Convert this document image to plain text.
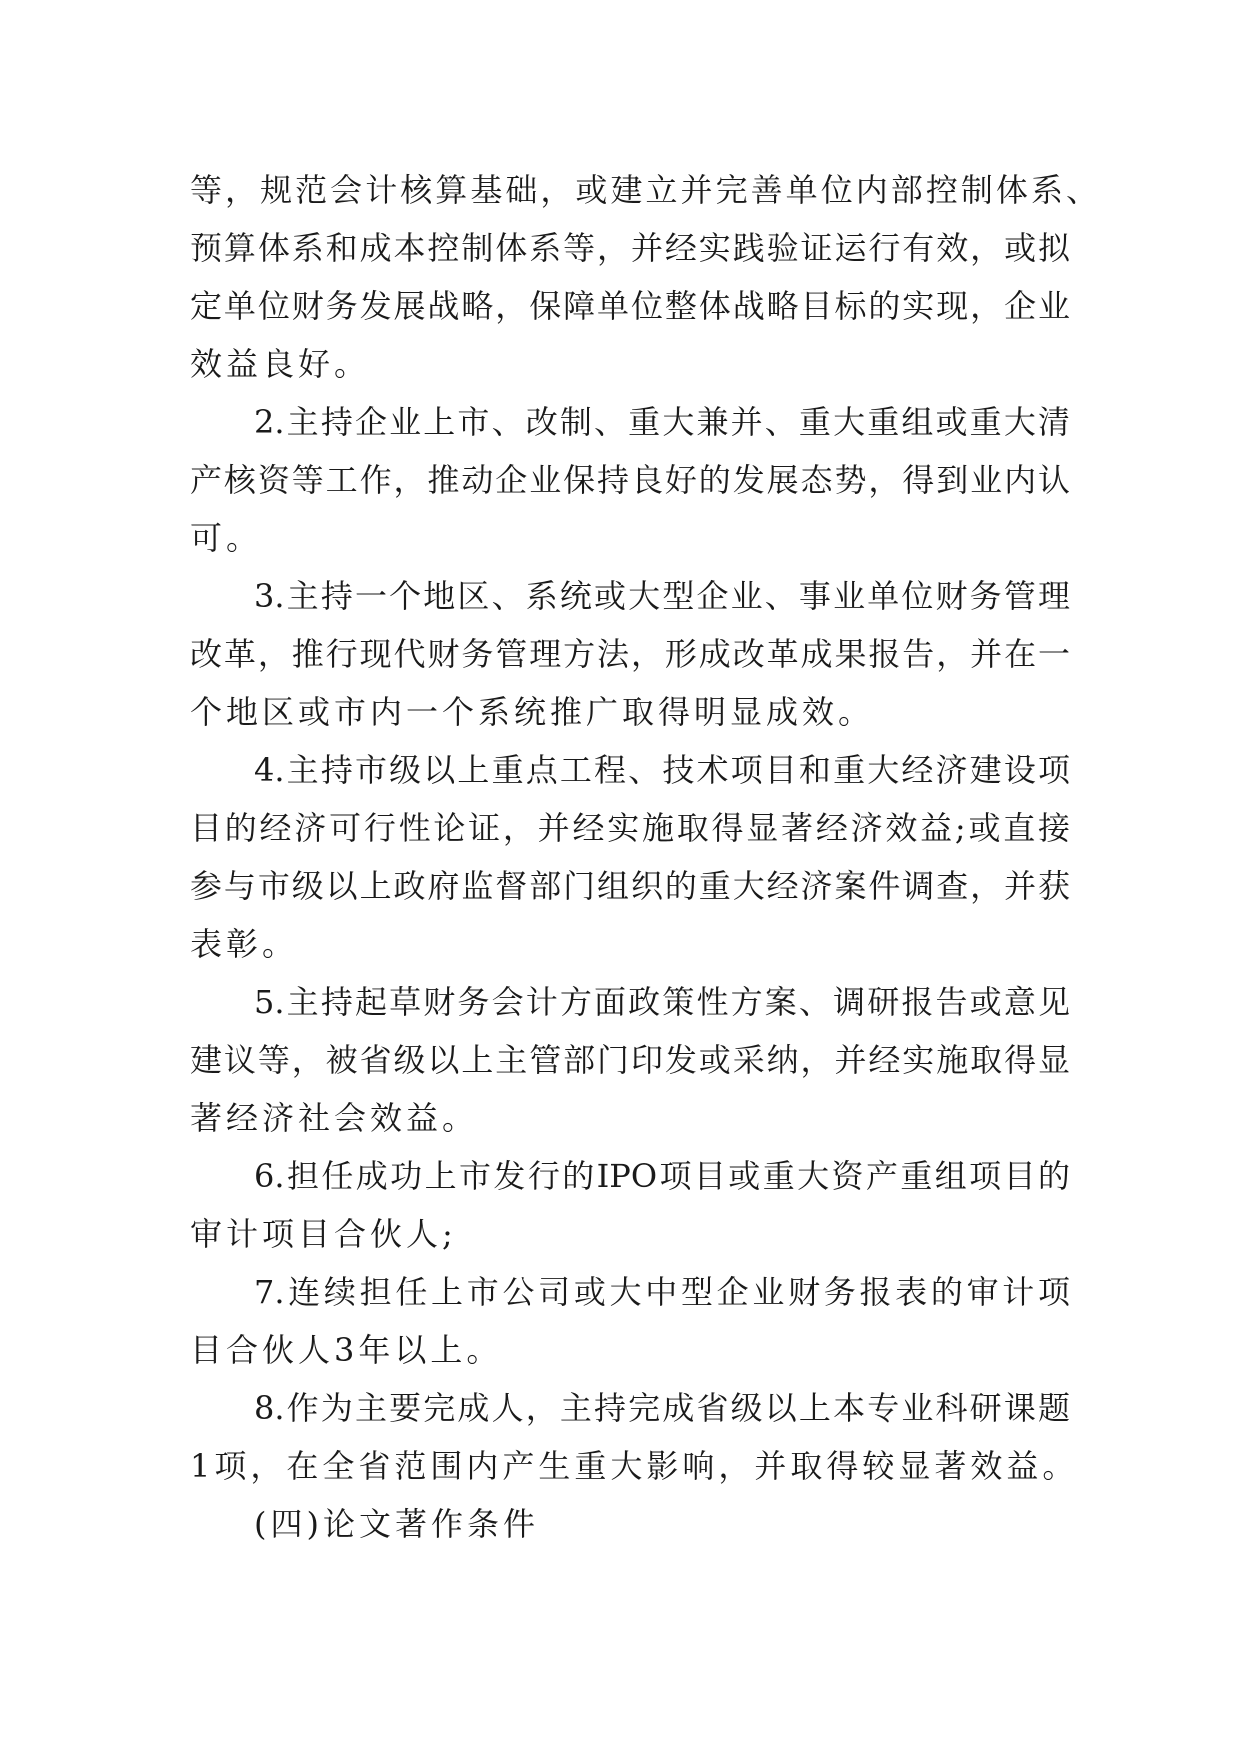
等，规范会计核算基础，或建立并完善单位内部控制体系、
预算体系和成本控制体系等，并经实践验证运行有效，或拟
定单位财务发展战略，保障单位整体战略目标的实现，企业
效益良好。
2.主持企业上市、改制、重大兼并、重大重组或重大清
产核资等工作，推动企业保持良好的发展态势，得到业内认
可。
3.主持一个地区、系统或大型企业、事业单位财务管理
改革，推行现代财务管理方法，形成改革成果报告，并在一
个地区或市内一个系统推广取得明显成效。
4.主持市级以上重点工程、技术项目和重大经济建设项
目的经济可行性论证，并经实施取得显著经济效益;或直接
参与市级以上政府监督部门组织的重大经济案件调查，并获
表彰。
5.主持起草财务会计方面政策性方案、调研报告或意见
建议等，被省级以上主管部门印发或采纳，并经实施取得显
著经济社会效益。
6.担任成功上市发行的IPO项目或重大资产重组项目的
审计项目合伙人;
7.连续担任上市公司或大中型企业财务报表的审计项
目合伙人3年以上。
8.作为主要完成人，主持完成省级以上本专业科研课题
1项，在全省范围内产生重大影响，并取得较显著效益。
(四)论文著作条件
